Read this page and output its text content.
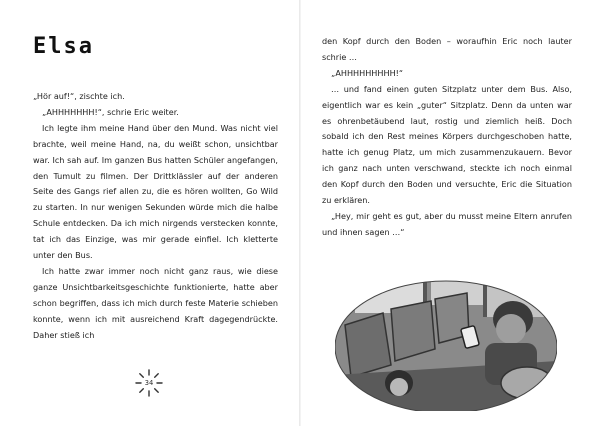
Elsa

„Hör auf!“, zischte ich.

„AHHHHHHH!“, schrie Eric weiter.

Ich legte ihm meine Hand über den Mund. Was nicht viel brachte, weil meine Hand, na, du weißt schon, unsichtbar war. Ich sah auf. Im ganzen Bus hatten Schüler angefangen, den Tumult zu filmen. Der Drittklässler auf der anderen Seite des Gangs rief allen zu, die es hören wollten, Go Wild zu starten. In nur wenigen Sekunden würde mich die halbe Schule entdecken. Da ich mich nirgends verstecken konnte, tat ich das Einzige, was mir gerade einfiel. Ich kletterte unter den Bus.

Ich hatte zwar immer noch nicht ganz raus, wie diese ganze Unsichtbarkeitsgeschichte funktionierte, hatte aber schon begriffen, dass ich mich durch feste Materie schieben konnte, wenn ich mit ausreichend Kraft dagegendrückte. Daher stieß ich

34

den Kopf durch den Boden – woraufhin Eric noch lauter schrie …

„AHHHHHHHHH!“

… und fand einen guten Sitzplatz unter dem Bus. Also, eigentlich war es kein „guter“ Sitzplatz. Denn da unten war es ohrenbetäubend laut, rostig und ziemlich heiß. Doch sobald ich den Rest meines Körpers durchgeschoben hatte, hatte ich genug Platz, um mich zusammenzukauern. Bevor ich ganz nach unten verschwand, steckte ich noch einmal den Kopf durch den Boden und versuchte, Eric die Situation zu erklären.

„Hey, mir geht es gut, aber du musst meine Eltern anrufen und ihnen sagen …“
